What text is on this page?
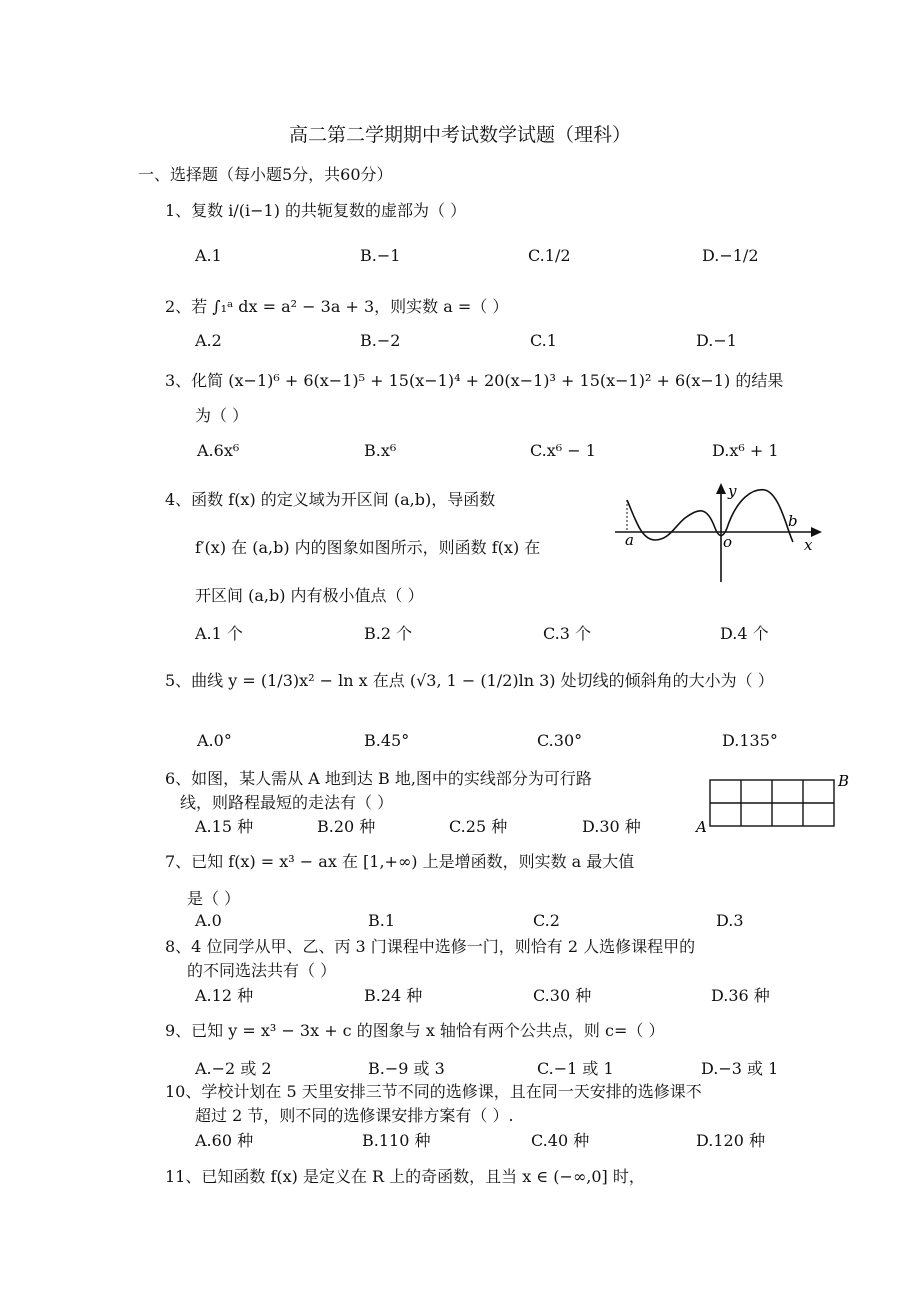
高二第二学期期中考试数学试题（理科）
一、选择题（每小题5分，共60分）
1、复数 i/(i−1) 的共轭复数的虚部为（ ）
A.1	B.−1	C.1/2	D.−1/2
2、若 ∫₁ᵃ dx = a² − 3a + 3，则实数 a =（ ）
A.2	B.−2	C.1	D.−1
3、化简 (x−1)⁶ + 6(x−1)⁵ + 15(x−1)⁴ + 20(x−1)³ + 15(x−1)² + 6(x−1) 的结果
为（ ）
A.6x⁶	B.x⁶	C.x⁶ − 1	D.x⁶ + 1
4、函数 f(x) 的定义域为开区间 (a,b)，导函数
f′(x) 在 (a,b) 内的图象如图所示，则函数 f(x) 在
开区间 (a,b) 内有极小值点（ ）
y
x
a
b
o
A.1 个	B.2 个	C.3 个	D.4 个
5、曲线 y = (1/3)x² − ln x 在点 (√3, 1 − (1/2)ln 3) 处切线的倾斜角的大小为（ ）
A.0°	B.45°	C.30°	D.135°
6、如图，某人需从 A 地到达 B 地,图中的实线部分为可行路
线，则路程最短的走法有（ ）
A.15 种	B.20 种	C.25 种	D.30 种	A
B
7、已知 f(x) = x³ − ax 在 [1,+∞) 上是增函数，则实数 a 最大值
是（ ）
A.0	B.1	C.2	D.3
8、4 位同学从甲、乙、丙 3 门课程中选修一门，则恰有 2 人选修课程甲的
的不同选法共有（ ）
A.12 种	B.24 种	C.30 种	D.36 种
9、已知 y = x³ − 3x + c 的图象与 x 轴恰有两个公共点，则 c=（ ）
A.−2 或 2	B.−9 或 3	C.−1 或 1	D.−3 或 1
10、学校计划在 5 天里安排三节不同的选修课，且在同一天安排的选修课不
超过 2 节，则不同的选修课安排方案有（ ）.
A.60 种	B.110 种	C.40 种	D.120 种
11、已知函数 f(x) 是定义在 R 上的奇函数，且当 x ∈ (−∞,0] 时，
